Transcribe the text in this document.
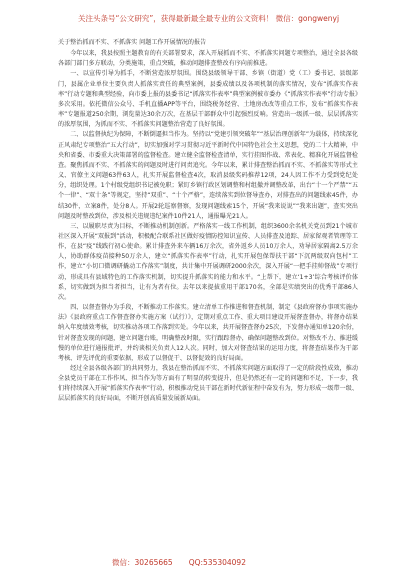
关注头条号“公文研究”，获得最新最全最专业的公文资料！ 微信：gongwenyj

关于整治抓而不实、不抓落实 问题工作开展情况的报告

今年以来，我县按照主题教育的有关部署要求，深入开展抓而不实、不抓落实问题专项整治，通过全县各级各部门部门多方联动，分类施策，重点突破，推动问题排查整改有序向前推进。

一、以宣传引导为抓手，不断营造浓厚氛围。围绕县级领导干部、乡镇（街道）党（工）委书记、县级部门，县属企业单位主要负责人抓落实责任的典型案例，县委成绩以及各项机制的落实情况，发布“抓落实作表率”行动专题和典型经验，向市委上报的县委书记“抓落实作表率”典型案例被市委办《“抓落实作表率”行动专报》多次采用。依托微信公众号、手机直播APP等平台，围绕税务经营、土地房改改等重点工作，发布“抓落实作表率”专题报道250余期，浏览量达30余万次，在基层干部群众中引起强烈反响。营造出一级抓一级、层层抓落实的浓厚氛围，为抓而不实、不抓落实问题整治营造了良好氛围。

二、以监督执纪为保障，不断倒逼担当作为。坚持以“党建引领突破年”“基层治理创新年”为载体，持续深化正风肃纪专项整治“五大行动”，切实加强对学习贯彻习近平新时代中国特色社会主义思想，党的二十大精神，中央和省委、市委重大决策部署的监督检查。建立健全监督检查清单，实行挂图作战、常表化、精准化开展监督检查。聚焦抓而不实、不抓落实的问题及时进行问责追究。今年以来，累计排查整治抓而不实、不抓落实等形式主义、官僚主义问题63件63人，扎实开展监督检查4次，取消县级奖码推荐12项，24人因工作不力受到党纪处分，组织处理。1个村级党组织书记被免职；紧盯乡镇行政区划调整和村组撤并调整改革，出台“十一个严禁”“五个一律”、“双十条”等规定，坚持“双重”、“十个严格”，连续落实到位督导查办，对排查出的问题线索45件，办结30件，立案8件，处分8人。开展2轮巡察督察，发现问题线索15个，开展“我来说说”“我来出题”，查实突出问题及时整改到位，涉及相关违规违纪案件10件21人，通报曝光21人。

三、以履职尽责为目标，不断推动机制创新。严格落实一线工作机制，组织3600余名机关党员到21个城市社区深入开展“双报到”活动，积极配合联系社区做好疫情防控知识宣传、人员排查及追踪、居家留观者管理等工作，在县“疫”线践行初心使命。累计排查外来车辆16万余次，省外返乡人员10万余人，劝导居家隔离2.5万余人，协助群体疫苗接种50万余人，建立“抓落实作表率”行动，扎实开展包保帮扶干部“下沉两级双向包村”工作，建立“小切口微调研撬动工作落实”制度，共计集中开展调研2000余次，深入开展“一把手挂帅督战”专项行动，形成具有县域特色的工作落实机制，切实提升抓落实的能力和水平。“上帮下，建立‘1+3’综合考核评价体系，切实做到为担当者担当，让有为者有位。去年以来提拔重用干部170名，全部是实绩突出的优秀干部86人次。

四、以督查督办为手段，不断推动工作落实。建立清单工作推进和督查机制，制定《县政府督办事项实施办法》《县政府重点工作督查督办实施方案（试行）》，定期对重点工作、重大项目建设开展督查督办，将督办结果纳入年度绩效考核，切实推动各项工作落到实处。今年以来，共开展督查督办25次，下发督办通知单120余份，针对督查发现的问题，建立问题台账，明确整改时限，实行跟踪督办，确保问题整改到位。对整改不力、推进缓慢的单位进行通报批评，并约谈相关负责人12人次。同时，加大对督查结果的运用力度，将督查结果作为干部考核、评先评优的重要依据，形成了以督促干、以督促效的良好局面。

经过全县各级各部门的共同努力，我县在整治抓而不实、不抓落实问题方面取得了一定的阶段性成效，推动全县党员干部在工作作风、担当作为等方面有了明显的转变提升，但是仍然还有一定的问题和不足，下一步，我们将持续深入开展“抓落实作表率”行动，积极推动党员干部在新时代新征程中奋发有为，努力形成一级带一级、层层抓落实的良好局面，不断开创高质量发展新局面。

微信：30265665 QQ:535304092
